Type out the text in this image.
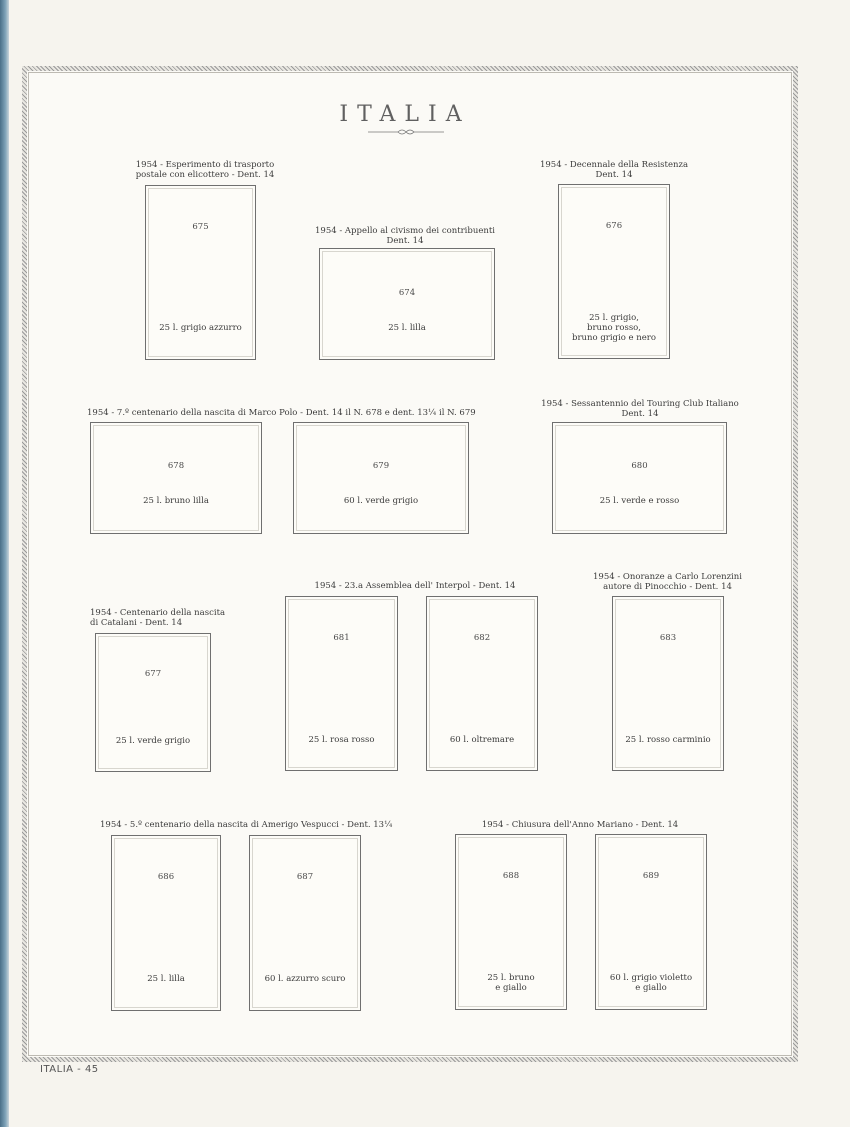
ITALIA
1954 - Esperimento di trasporto
postale con elicottero - Dent. 14
675
25 l. grigio azzurro
1954 - Appello al civismo dei contribuenti
Dent. 14
674
25 l. lilla
1954 - Decennale della Resistenza
Dent. 14
676
25 l. grigio,
bruno rosso,
bruno grigio e nero
1954 - 7.º centenario della nascita di Marco Polo - Dent. 14 il N. 678 e dent. 13¼ il N. 679
678
25 l. bruno lilla
679
60 l. verde grigio
1954 - Sessantennio del Touring Club Italiano
Dent. 14
680
25 l. verde e rosso
1954 - Centenario della nascita
di Catalani - Dent. 14
677
25 l. verde grigio
1954 - 23.a Assemblea dell' Interpol - Dent. 14
681
25 l. rosa rosso
682
60 l. oltremare
1954 - Onoranze a Carlo Lorenzini
autore di Pinocchio - Dent. 14
683
25 l. rosso carminio
1954 - 5.º centenario della nascita di Amerigo Vespucci - Dent. 13¼
686
25 l. lilla
687
60 l. azzurro scuro
1954 - Chiusura dell'Anno Mariano - Dent. 14
688
25 l. bruno
e giallo
689
60 l. grigio violetto
e giallo
ITALIA - 45
